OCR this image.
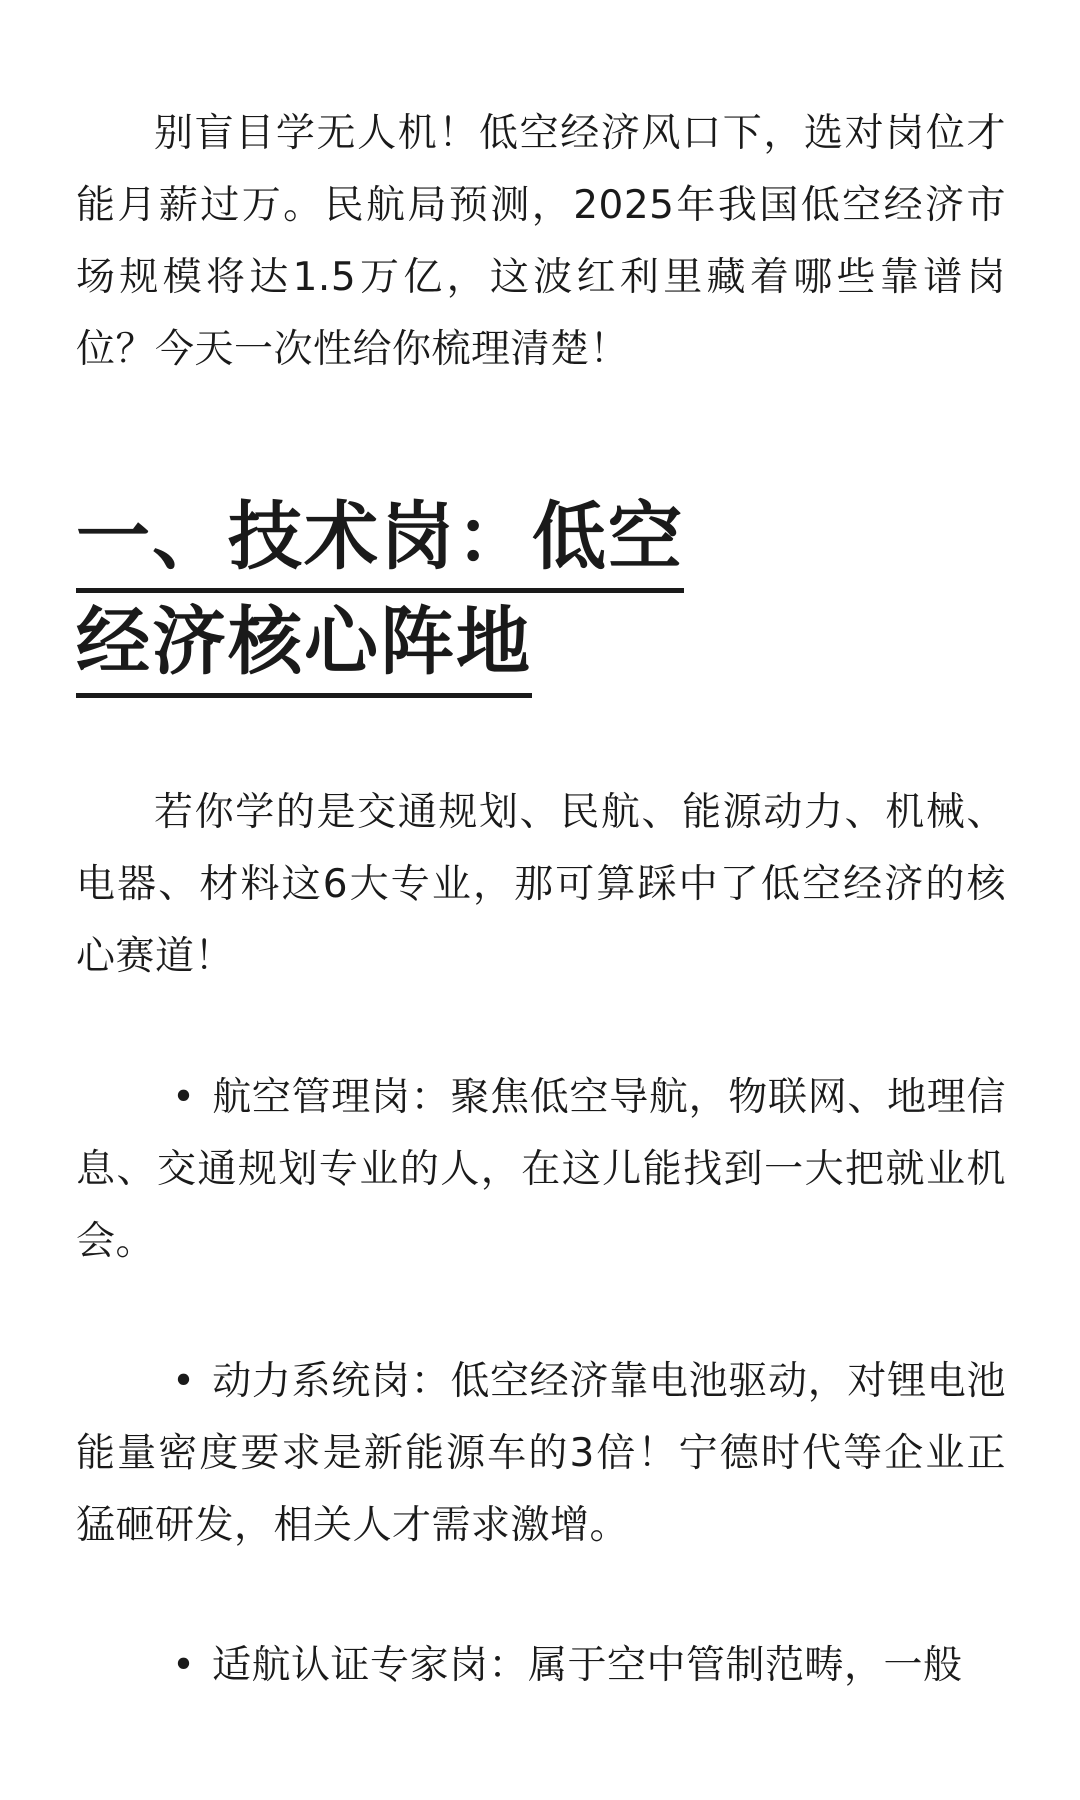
别盲目学无人机！低空经济风口下，选对岗位才能月薪过万。民航局预测，2025年我国低空经济市场规模将达1.5万亿，这波红利里藏着哪些靠谱岗位？今天一次性给你梳理清楚！

一、技术岗：低空
经济核心阵地

若你学的是交通规划、民航、能源动力、机械、电器、材料这6大专业，那可算踩中了低空经济的核心赛道！

• 航空管理岗：聚焦低空导航，物联网、地理信息、交通规划专业的人，在这儿能找到一大把就业机会。

• 动力系统岗：低空经济靠电池驱动，对锂电池能量密度要求是新能源车的3倍！宁德时代等企业正猛砸研发，相关人才需求激增。

• 适航认证专家岗：属于空中管制范畴，一般
